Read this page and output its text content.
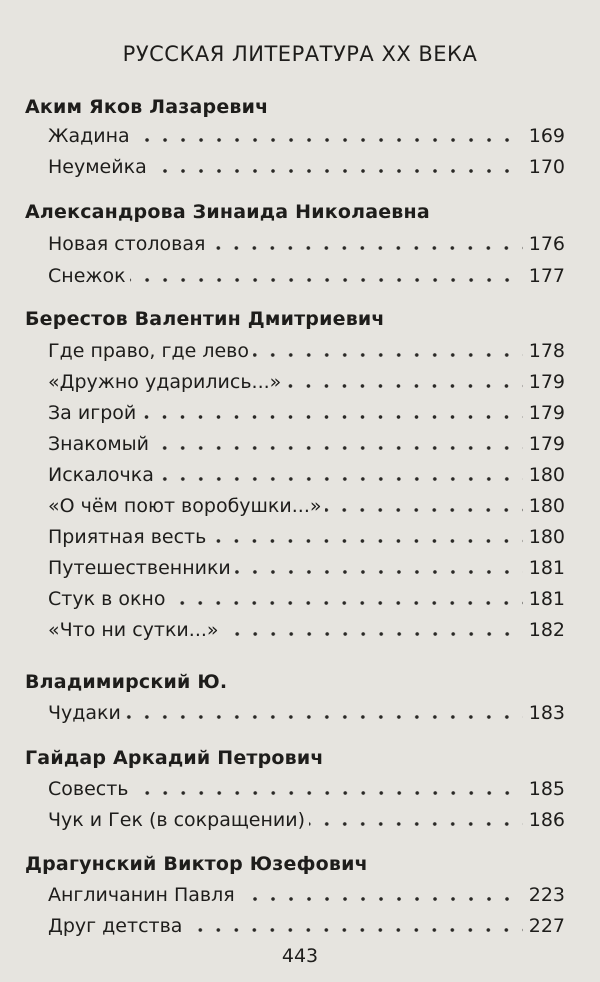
РУССКАЯ ЛИТЕРАТУРА XX ВЕКА
Аким Яков Лазаревич
Жадина	169
Неумейка	170
Александрова Зинаида Николаевна
Новая столовая	176
Снежок	177
Берестов Валентин Дмитриевич
Где право, где лево	178
«Дружно ударились...»	179
За игрой	179
Знакомый	179
Искалочка	180
«О чём поют воробушки...»	180
Приятная весть	180
Путешественники	181
Стук в окно	181
«Что ни сутки...»	182
Владимирский Ю.
Чудаки	183
Гайдар Аркадий Петрович
Совесть	185
Чук и Гек (в сокращении)	186
Драгунский Виктор Юзефович
Англичанин Павля	223
Друг детства	227
443
